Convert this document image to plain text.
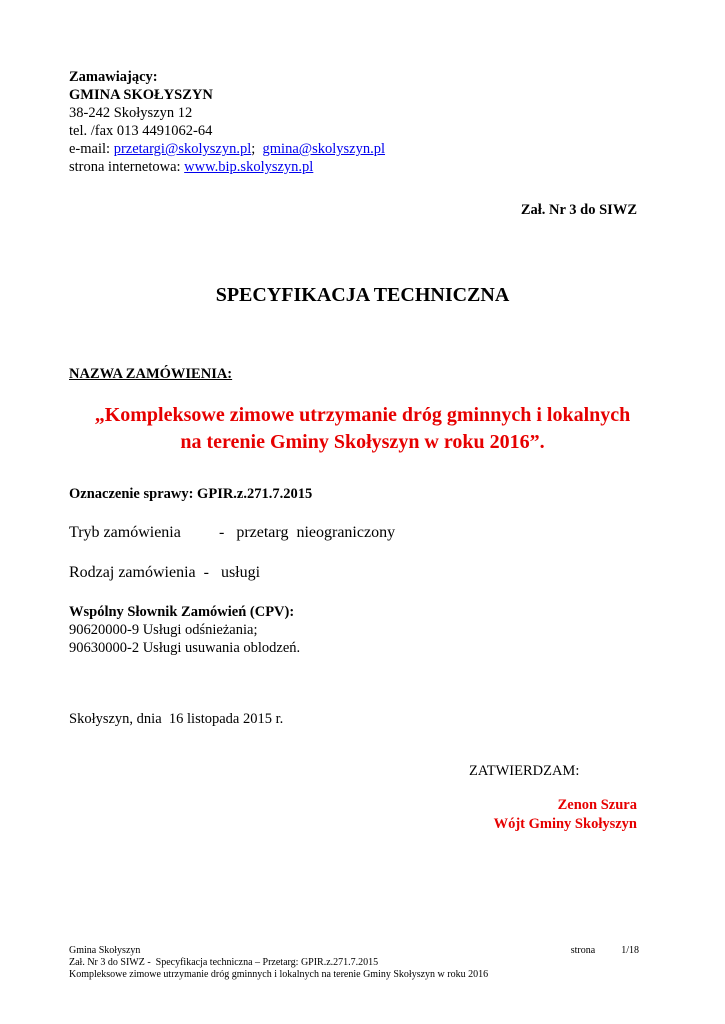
Zamawiający:
GMINA SKOŁYSZYN
38-242 Skołyszyn 12
tel. /fax 013 4491062-64
e-mail: przetargi@skolyszyn.pl;  gmina@skolyszyn.pl
strona internetowa: www.bip.skolyszyn.pl
Zał. Nr 3 do SIWZ
SPECYFIKACJA TECHNICZNA
NAZWA ZAMÓWIENIA:
„Kompleksowe zimowe utrzymanie dróg gminnych i lokalnych
na terenie Gminy Skołyszyn w roku 2016”.
Oznaczenie sprawy: GPIR.z.271.7.2015
Tryb zamówienia -   przetarg  nieograniczony
Rodzaj zamówienia  -   usługi
Wspólny Słownik Zamówień (CPV):
90620000-9 Usługi odśnieżania;
90630000-2 Usługi usuwania oblodzeń.
Skołyszyn, dnia  16 listopada 2015 r.
ZATWIERDZAM:
Zenon Szura
Wójt Gminy Skołyszyn
Gmina Skołyszyn
Zał. Nr 3 do SIWZ -  Specyfikacja techniczna – Przetarg: GPIR.z.271.7.2015
Kompleksowe zimowe utrzymanie dróg gminnych i lokalnych na terenie Gminy Skołyszyn w roku 2016
strona	1/18
